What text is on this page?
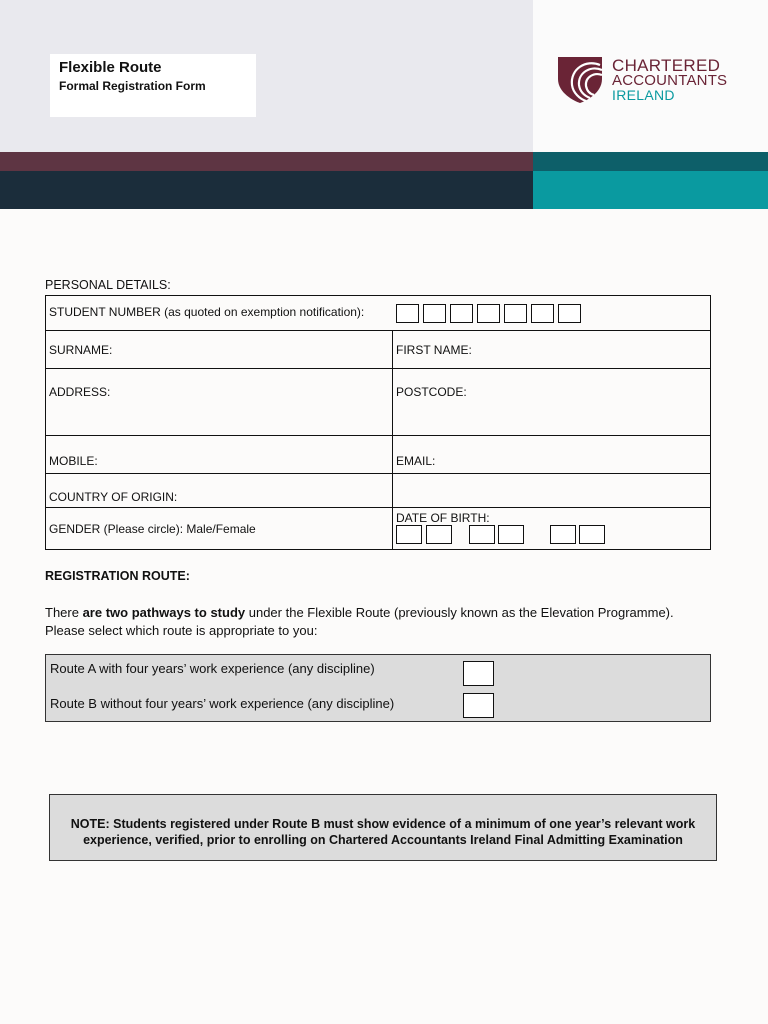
Flexible Route
Formal Registration Form
CHARTERED
ACCOUNTANTS
IRELAND
PERSONAL DETAILS:
STUDENT NUMBER (as quoted on exemption notification):	
SURNAME:	FIRST NAME:
ADDRESS:	POSTCODE:
MOBILE:	EMAIL:
COUNTRY OF ORIGIN:	
GENDER (Please circle): Male/Female	DATE OF BIRTH:
REGISTRATION ROUTE:
There are two pathways to study under the Flexible Route (previously known as the Elevation Programme).
Please select which route is appropriate to you:
Route A with four years’ work experience (any discipline)
Route B without four years’ work experience (any discipline)
NOTE: Students registered under Route B must show evidence of a minimum of one year’s relevant work
experience, verified, prior to enrolling on Chartered Accountants Ireland Final Admitting Examination
